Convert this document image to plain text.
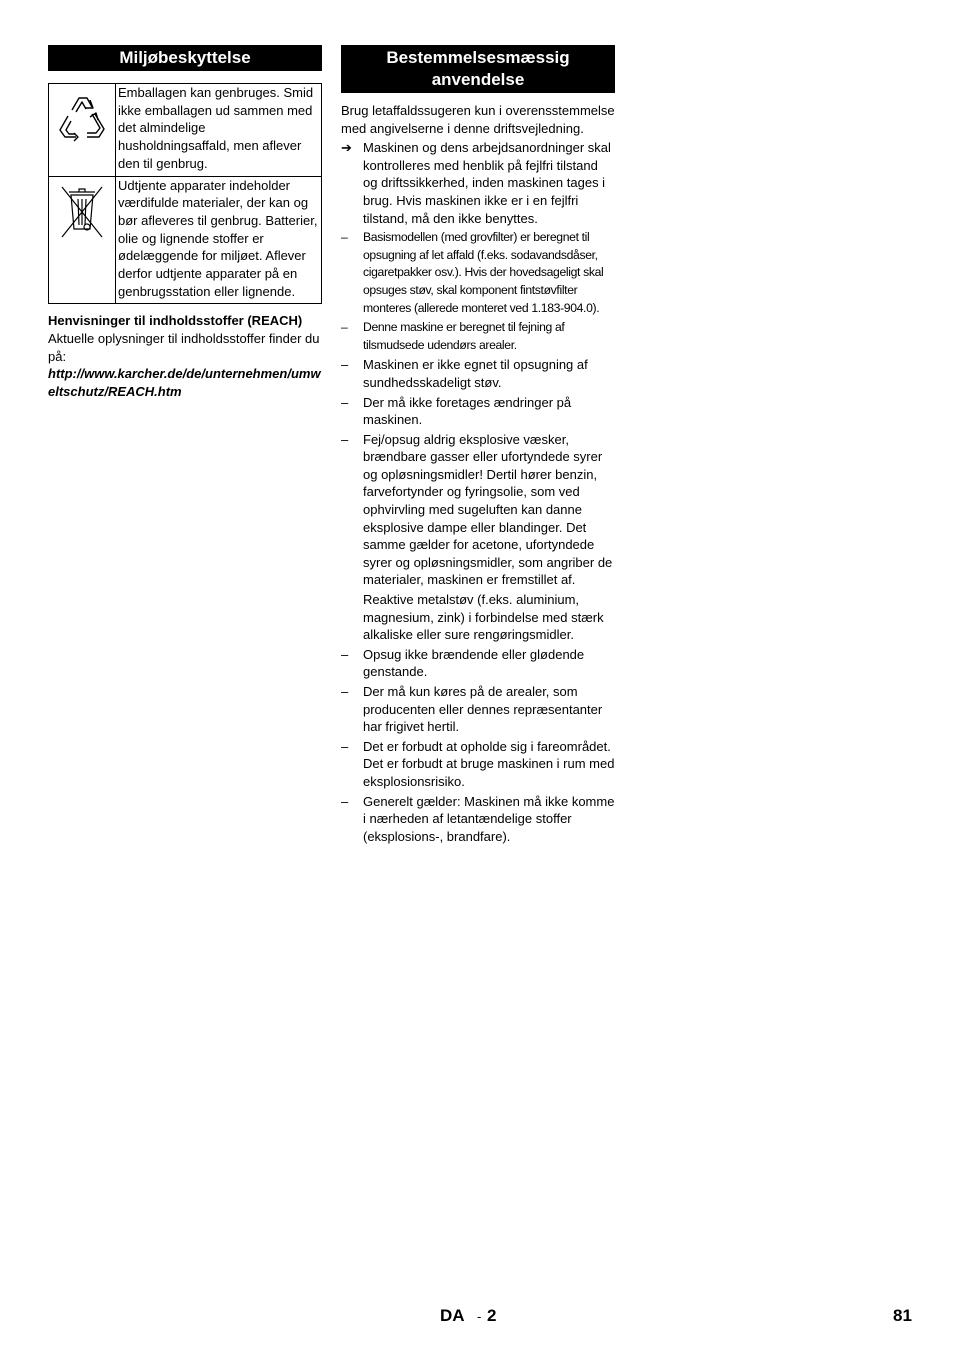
Miljøbeskyttelse
	Emballagen kan genbruges. Smid ikke emballagen ud sammen med det almindelige husholdningsaffald, men aflever den til genbrug.
	Udtjente apparater indeholder værdifulde materialer, der kan og bør afleveres til genbrug. Batterier, olie og lignende stoffer er ødelæggende for miljøet. Aflever derfor udtjente apparater på en genbrugsstation eller lignende.
Henvisninger til indholdsstoffer (REACH)
Aktuelle oplysninger til indholdsstoffer finder du på:
http://www.karcher.de/de/unternehmen/umweltschutz/REACH.htm
Bestemmelsesmæssig anvendelse
Brug letaffaldssugeren kun i overensstemmelse med angivelserne i denne driftsvejledning.
➔ Maskinen og dens arbejdsanordninger skal kontrolleres med henblik på fejlfri tilstand og driftssikkerhed, inden maskinen tages i brug. Hvis maskinen ikke er i en fejlfri tilstand, må den ikke benyttes.

–	Basismodellen (med grovfilter) er beregnet til opsugning af let affald (f.eks. sodavandsdåser, cigaretpakker osv.). Hvis der hovedsageligt skal opsuges støv, skal komponent fintstøvfilter monteres (allerede monteret ved 1.183-904.0).

–	Denne maskine er beregnet til fejning af tilsmudsede udendørs arealer.

–	Maskinen er ikke egnet til opsugning af sundhedsskadeligt støv.

–	Der må ikke foretages ændringer på maskinen.

–	Fej/opsug aldrig eksplosive væsker, brændbare gasser eller ufortyndede syrer og opløsningsmidler! Dertil hører benzin, farvefortynder og fyringsolie, som ved ophvirvling med sugeluften kan danne eksplosive dampe eller blandinger. Det samme gælder for acetone, ufortyndede syrer og opløsningsmidler, som angriber de materialer, maskinen er fremstillet af.

Reaktive metalstøv (f.eks. aluminium, magnesium, zink) i forbindelse med stærk alkaliske eller sure rengøringsmidler.

–	Opsug ikke brændende eller glødende genstande.

–	Der må kun køres på de arealer, som producenten eller dennes repræsentanter har frigivet hertil.

–	Det er forbudt at opholde sig i fareområdet. Det er forbudt at bruge maskinen i rum med eksplosionsrisiko.

–	Generelt gælder: Maskinen må ikke komme i nærheden af letantændelige stoffer (eksplosions-, brandfare).

DA - 2	81
